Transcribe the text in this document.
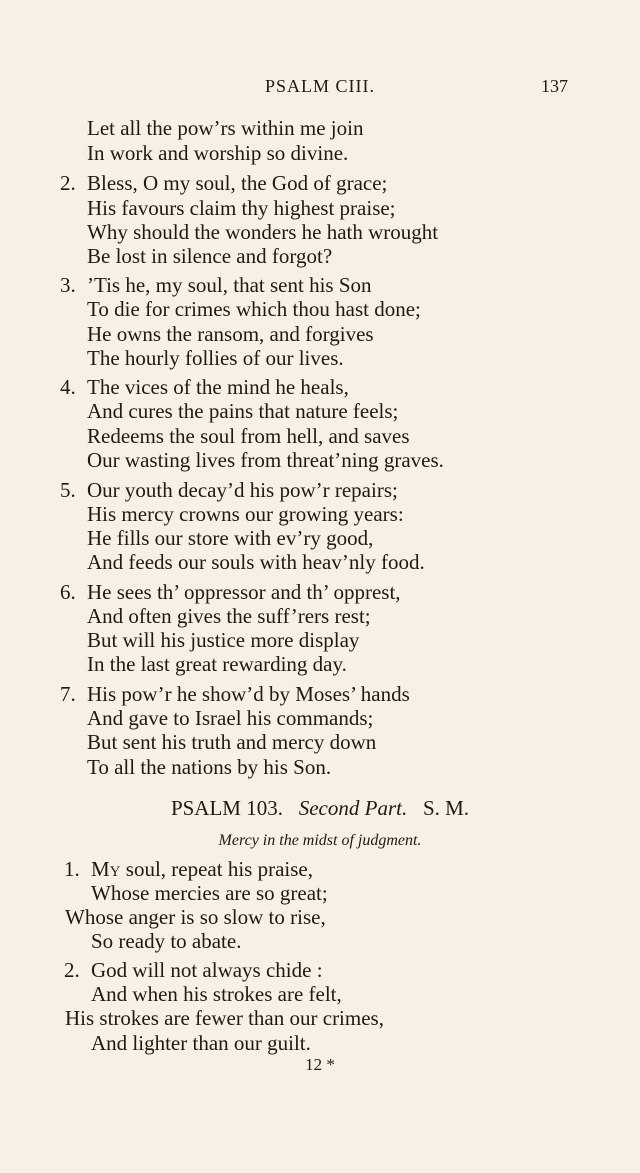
PSALM CIII.	137
Let all the pow’rs within me join
In work and worship so divine.
2. Bless, O my soul, the God of grace;
His favours claim thy highest praise;
Why should the wonders he hath wrought
Be lost in silence and forgot?
3. ’Tis he, my soul, that sent his Son
To die for crimes which thou hast done;
He owns the ransom, and forgives
The hourly follies of our lives.
4. The vices of the mind he heals,
And cures the pains that nature feels;
Redeems the soul from hell, and saves
Our wasting lives from threat’ning graves.
5. Our youth decay’d his pow’r repairs;
His mercy crowns our growing years:
He fills our store with ev’ry good,
And feeds our souls with heav’nly food.
6. He sees th’ oppressor and th’ opprest,
And often gives the suff’rers rest;
But will his justice more display
In the last great rewarding day.
7. His pow’r he show’d by Moses’ hands
And gave to Israel his commands;
But sent his truth and mercy down
To all the nations by his Son.
PSALM 103. Second Part. S. M.
Mercy in the midst of judgment.
1. My soul, repeat his praise,
Whose mercies are so great;
Whose anger is so slow to rise,
So ready to abate.
2. God will not always chide :
And when his strokes are felt,
His strokes are fewer than our crimes,
And lighter than our guilt.
12 *
